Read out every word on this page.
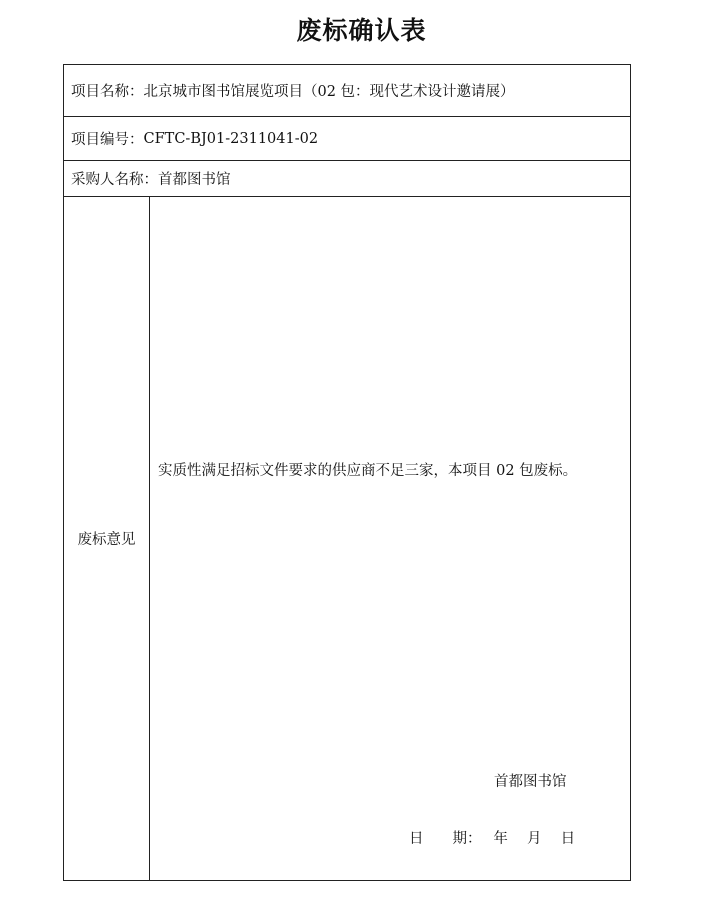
废标确认表
项目名称： 北京城市图书馆展览项目（02 包：现代艺术设计邀请展）
项目编号： CFTC-BJ01-2311041-02
采购人名称： 首都图书馆
废标意见
实质性满足招标文件要求的供应商不足三家，本项目 02 包废标。
首都图书馆
日　　期：　 年　 月　 日
